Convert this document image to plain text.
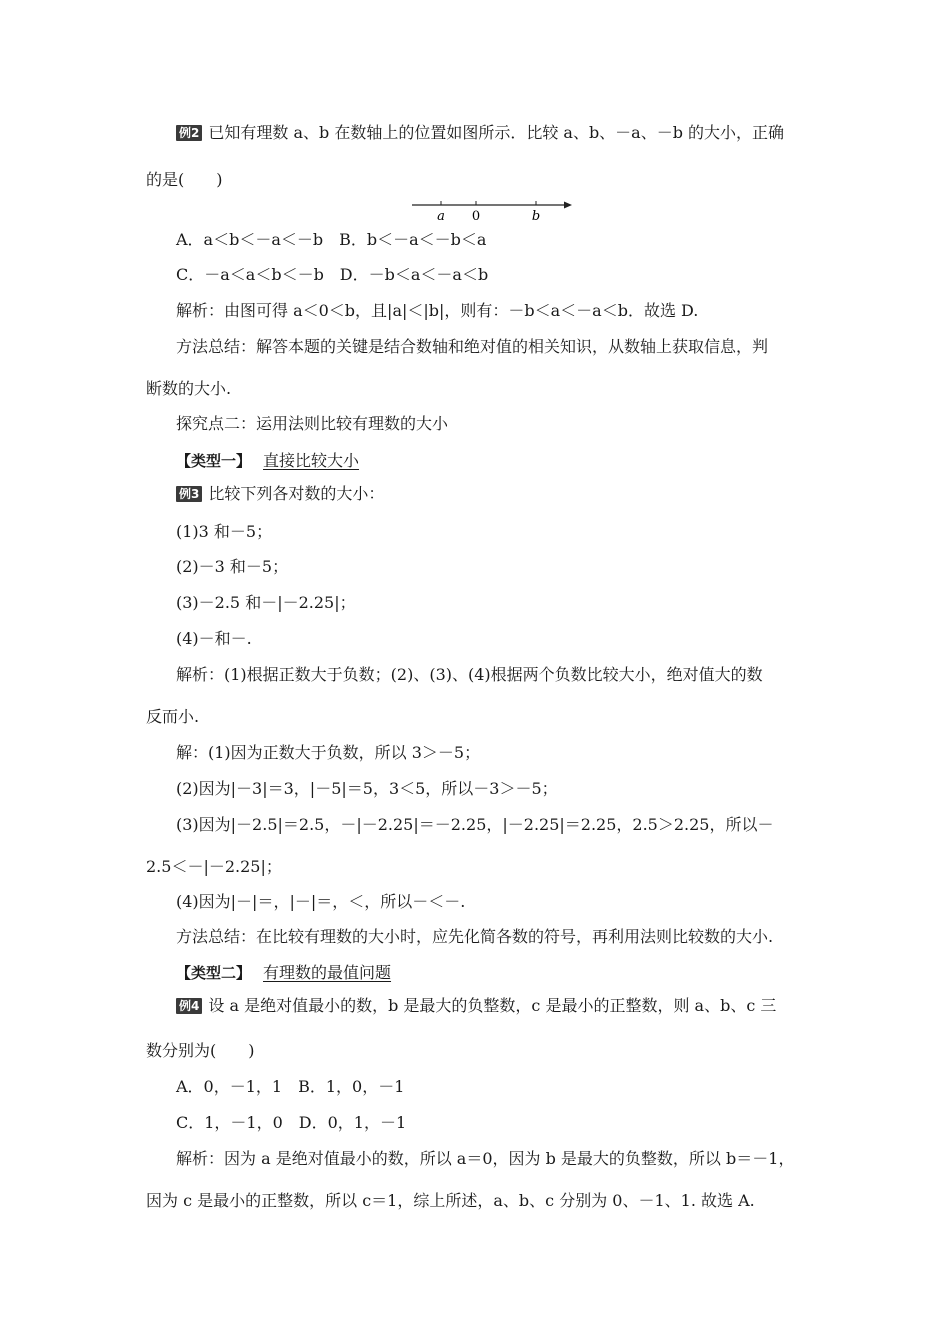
例2 已知有理数 a、b 在数轴上的位置如图所示．比较 a、b、－a、－b 的大小，正确
的是(　　)
a 0	b
A．a＜b＜－a＜－b　B．b＜－a＜－b＜a
C．－a＜a＜b＜－b　D．－b＜a＜－a＜b
解析：由图可得 a＜0＜b，且|a|＜|b|，则有：－b＜a＜－a＜b．故选 D.
方法总结：解答本题的关键是结合数轴和绝对值的相关知识，从数轴上获取信息，判
断数的大小.
探究点二：运用法则比较有理数的大小
【类型一】 直接比较大小
例3 比较下列各对数的大小：
(1)3 和－5；
(2)－3 和－5；
(3)－2.5 和－|－2.25|；
(4)－和－.
解析：(1)根据正数大于负数；(2)、(3)、(4)根据两个负数比较大小，绝对值大的数
反而小.
解：(1)因为正数大于负数，所以 3＞－5；
(2)因为|－3|＝3，|－5|＝5，3＜5，所以－3＞－5；
(3)因为|－2.5|＝2.5，－|－2.25|＝－2.25，|－2.25|＝2.25，2.5＞2.25，所以－
2.5＜－|－2.25|；
(4)因为|－|＝，|－|＝，＜，所以－＜－.
方法总结：在比较有理数的大小时，应先化简各数的符号，再利用法则比较数的大小.
【类型二】 有理数的最值问题
例4 设 a 是绝对值最小的数，b 是最大的负整数，c 是最小的正整数，则 a、b、c 三
数分别为(　　)
A．0，－1，1　B．1，0，－1
C．1，－1，0　D．0，1，－1
解析：因为 a 是绝对值最小的数，所以 a＝0，因为 b 是最大的负整数，所以 b＝－1，
因为 c 是最小的正整数，所以 c＝1，综上所述，a、b、c 分别为 0、－1、1. 故选 A.
